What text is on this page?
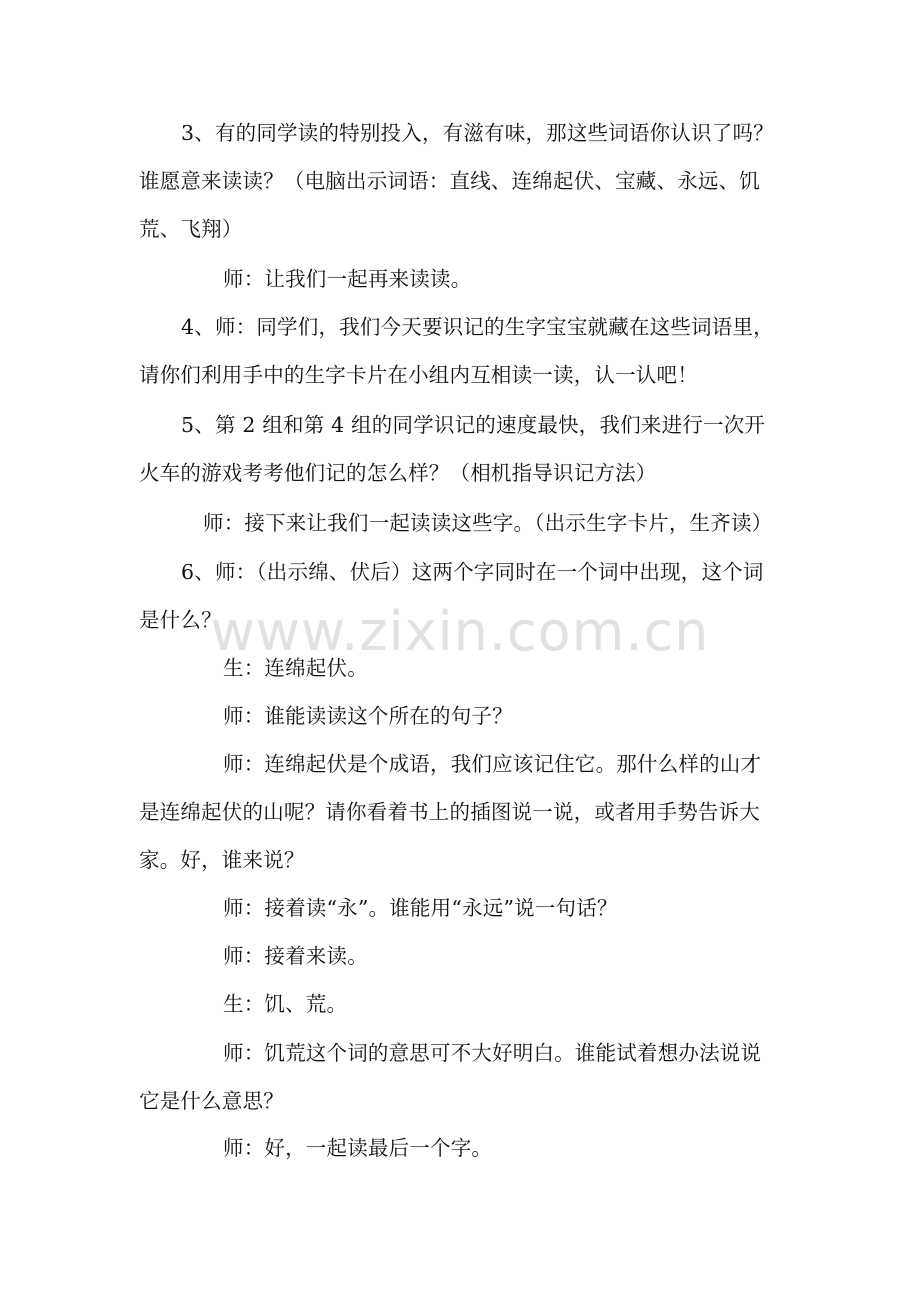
3、有的同学读的特别投入，有滋有味，那这些词语你认识了吗？谁愿意来读读？（电脑出示词语：直线、连绵起伏、宝藏、永远、饥荒、飞翔）

师：让我们一起再来读读。

4、师：同学们，我们今天要识记的生字宝宝就藏在这些词语里，请你们利用手中的生字卡片在小组内互相读一读，认一认吧！

5、第 2 组和第 4 组的同学识记的速度最快，我们来进行一次开火车的游戏考考他们记的怎么样？（相机指导识记方法）

师：接下来让我们一起读读这些字。（出示生字卡片，生齐读）

6、师：（出示绵、伏后）这两个字同时在一个词中出现，这个词是什么？

生：连绵起伏。

师：谁能读读这个所在的句子？

师：连绵起伏是个成语，我们应该记住它。那什么样的山才是连绵起伏的山呢？请你看着书上的插图说一说，或者用手势告诉大家。好，谁来说？

师：接着读“永”。谁能用“永远”说一句话？

师：接着来读。

生：饥、荒。

师：饥荒这个词的意思可不大好明白。谁能试着想办法说说它是什么意思？

师：好，一起读最后一个字。

www.zixin.com.cn
